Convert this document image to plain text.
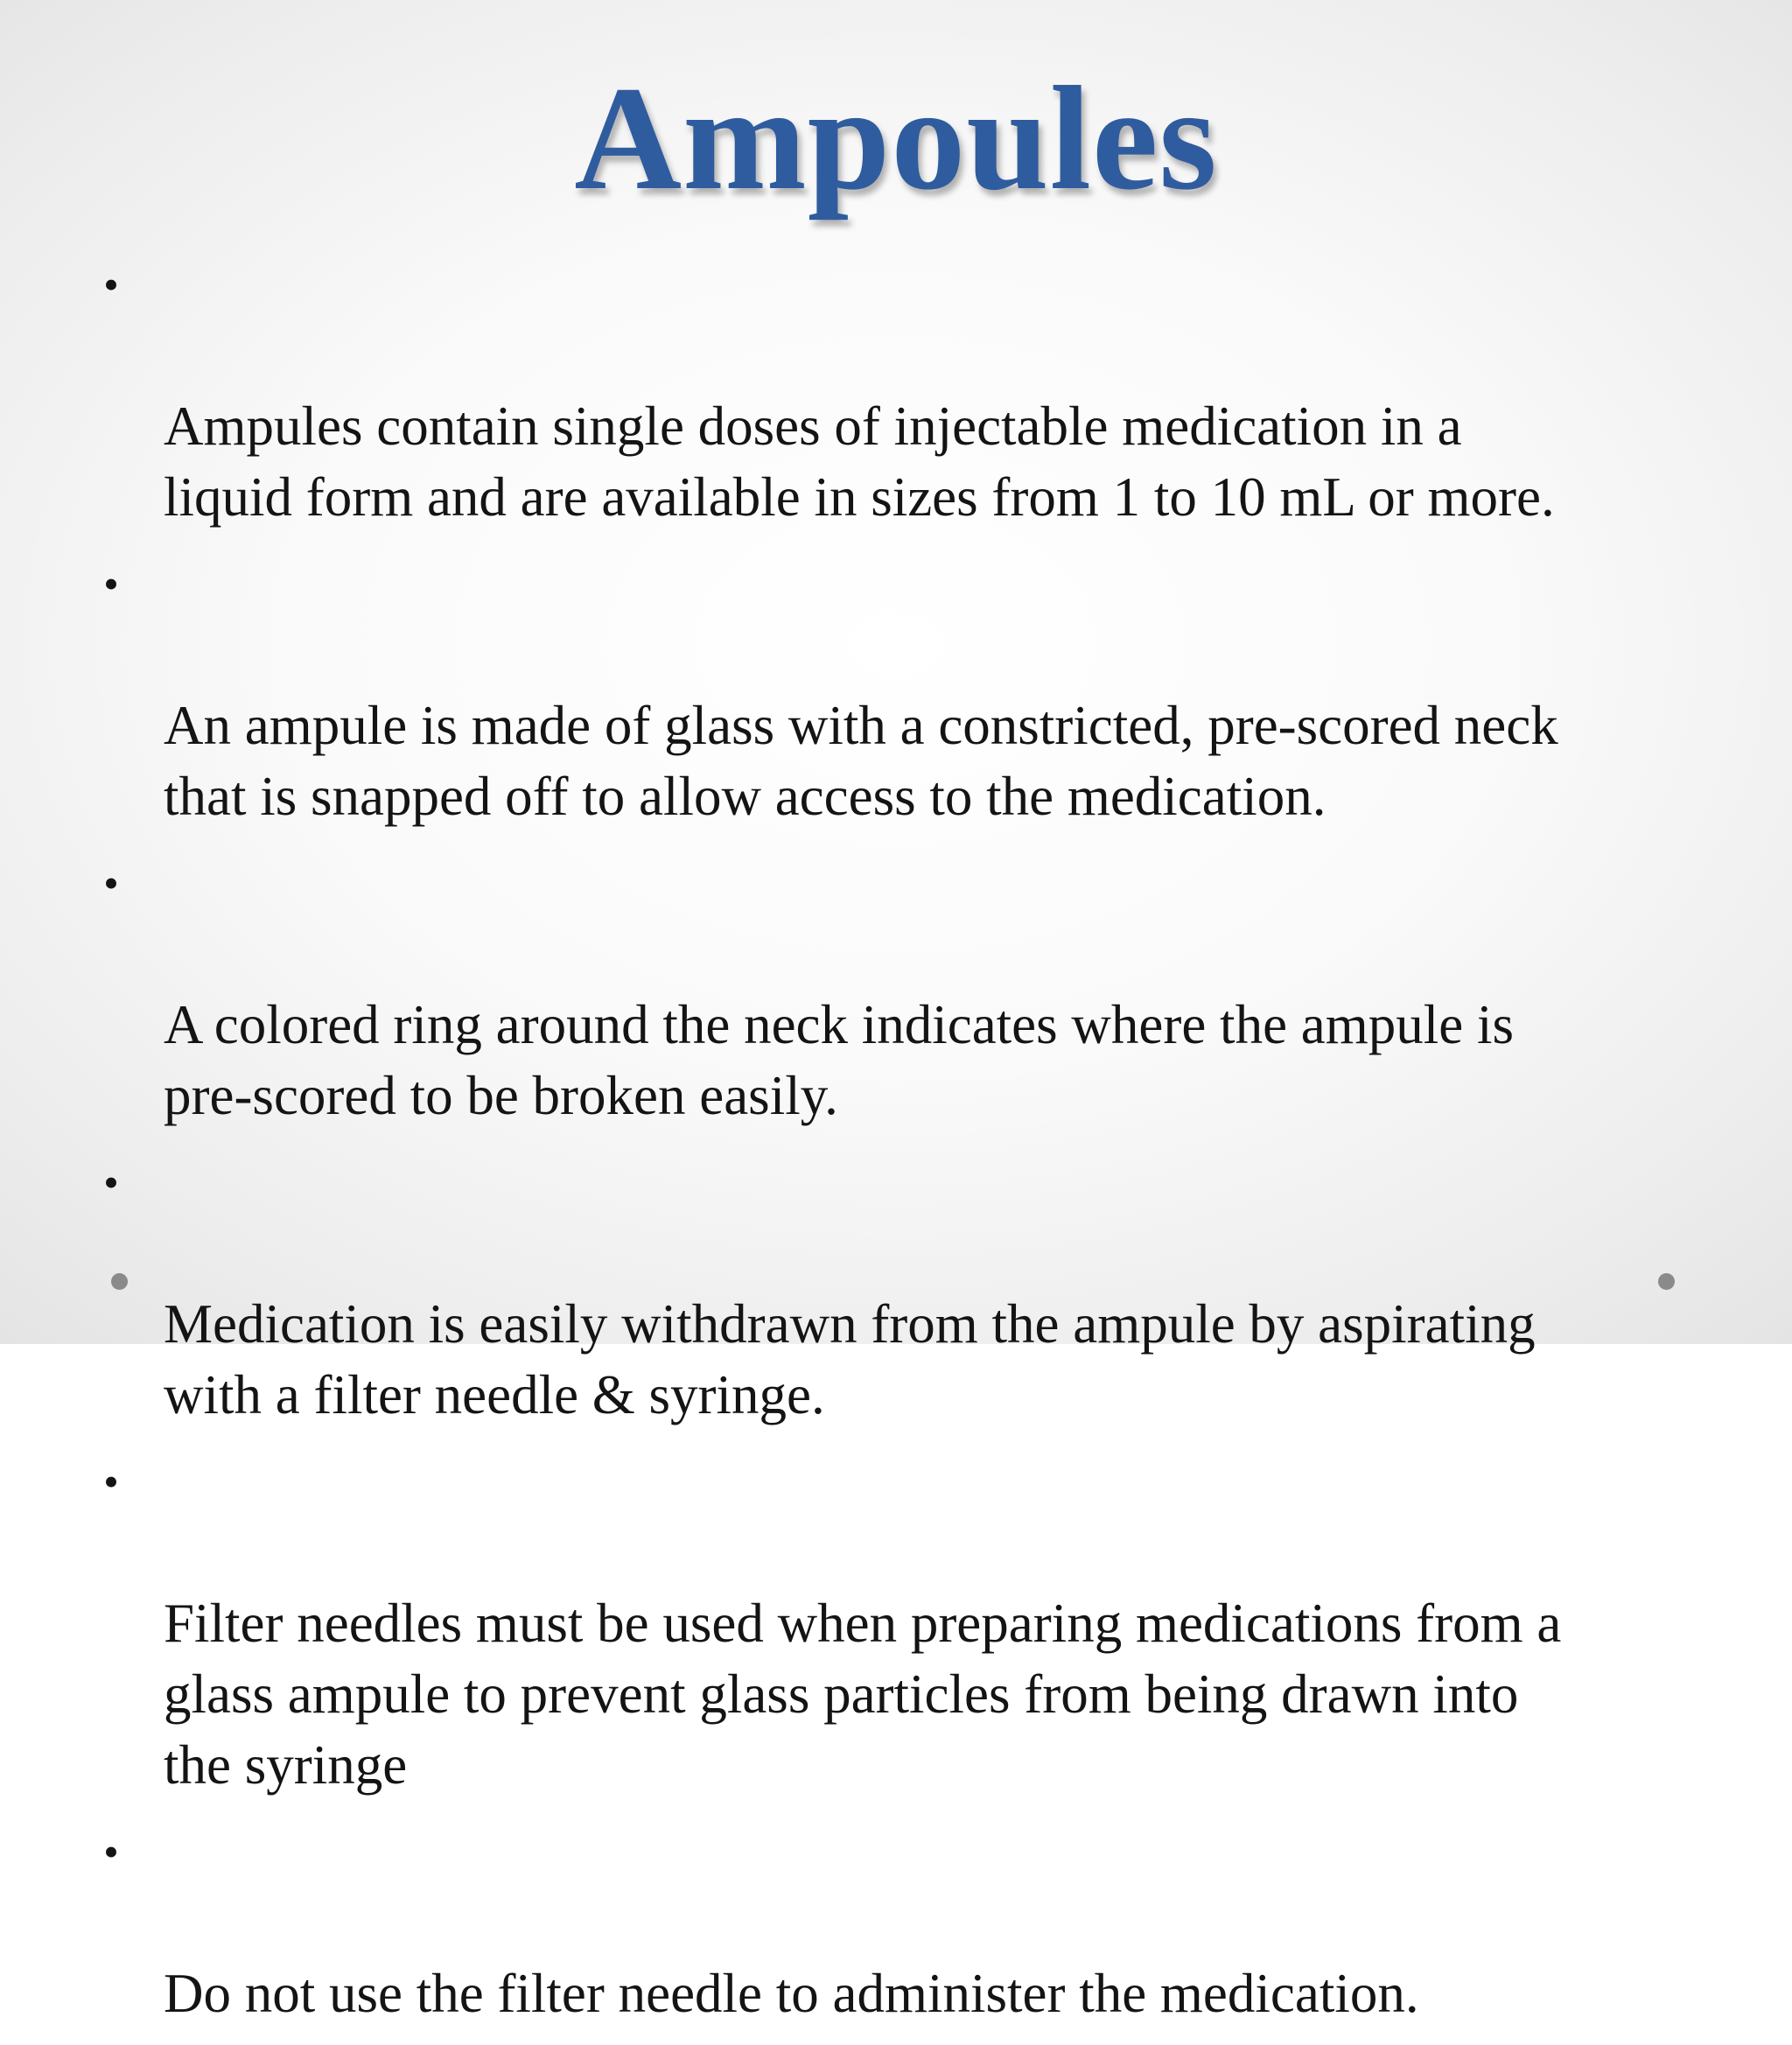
Ampoules

•

Ampules contain single doses of injectable medication in a
liquid form and are available in sizes from 1 to 10 mL or more.

•

An ampule is made of glass with a constricted, pre-scored neck
that is snapped off to allow access to the medication.

•

A colored ring around the neck indicates where the ampule is
pre-scored to be broken easily.

•

Medication is easily withdrawn from the ampule by aspirating
with a filter needle & syringe.

•

Filter needles must be used when preparing medications from a
glass ampule to prevent glass particles from being drawn into
the syringe

•

Do not use the filter needle to administer the medication.
